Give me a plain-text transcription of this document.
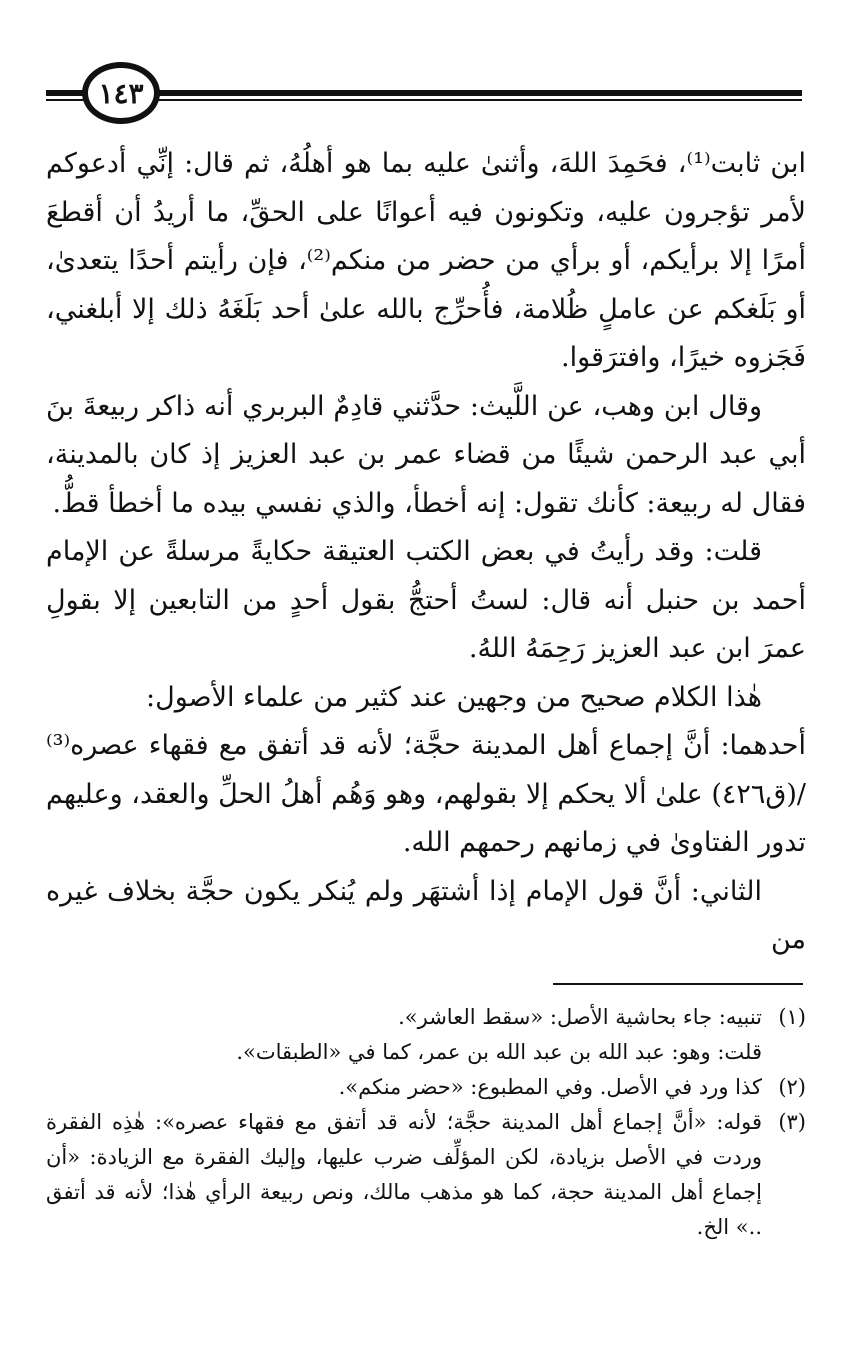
١٤٣

ابن ثابت⁽¹⁾، فحَمِدَ اللهَ، وأثنىٰ عليه بما هو أهلُهُ، ثم قال: إنِّي أدعوكم لأمر تؤجرون عليه، وتكونون فيه أعوانًا على الحقِّ، ما أريدُ أن أقطعَ أمرًا إلا برأيكم، أو برأي من حضر من منكم⁽²⁾، فإن رأيتم أحدًا يتعدىٰ، أو بَلَغكم عن عاملٍ ظُلامة، فأُحرِّج بالله علىٰ أحد بَلَغَهُ ذلك إلا أبلغني، فَجَزوه خيرًا، وافترَقوا.

وقال ابن وهب، عن اللَّيث: حدَّثني قادِمٌ البربري أنه ذاكر ربيعةَ بنَ أبي عبد الرحمن شيئًا من قضاء عمر بن عبد العزيز إذ كان بالمدينة، فقال له ربيعة: كأنك تقول: إنه أخطأ، والذي نفسي بيده ما أخطأ قطُّ.

قلت: وقد رأيتُ في بعض الكتب العتيقة حكايةً مرسلةً عن الإمام أحمد بن حنبل أنه قال: لستُ أحتجُّ بقول أحدٍ من التابعين إلا بقولِ عمرَ ابن عبد العزيز رَحِمَهُ اللهُ.

هٰذا الكلام صحيح من وجهين عند كثير من علماء الأصول:

أحدهما: أنَّ إجماع أهل المدينة حجَّة؛ لأنه قد أتفق مع فقهاء عصره⁽³⁾ /(ق٤٢٦) علىٰ ألا يحكم إلا بقولهم، وهو وَهُم أهلُ الحلِّ والعقد، وعليهم تدور الفتاوىٰ في زمانهم رحمهم الله.

الثاني: أنَّ قول الإمام إذا أشتهَر ولم يُنكر يكون حجَّة بخلاف غيره من

(١)

تنبيه: جاء بحاشية الأصل: «سقط العاشر».

قلت: وهو: عبد الله بن عبد الله بن عمر، كما في «الطبقات».

(٢)

كذا ورد في الأصل. وفي المطبوع: «حضر منكم».

(٣)

قوله: «أنَّ إجماع أهل المدينة حجَّة؛ لأنه قد أتفق مع فقهاء عصره»: هٰذِه الفقرة وردت في الأصل بزيادة، لكن المؤلِّف ضرب عليها، وإليك الفقرة مع الزيادة: «أن إجماع أهل المدينة حجة، كما هو مذهب مالك، ونص ربيعة الرأي هٰذا؛ لأنه قد أتفق ..» الخ.
